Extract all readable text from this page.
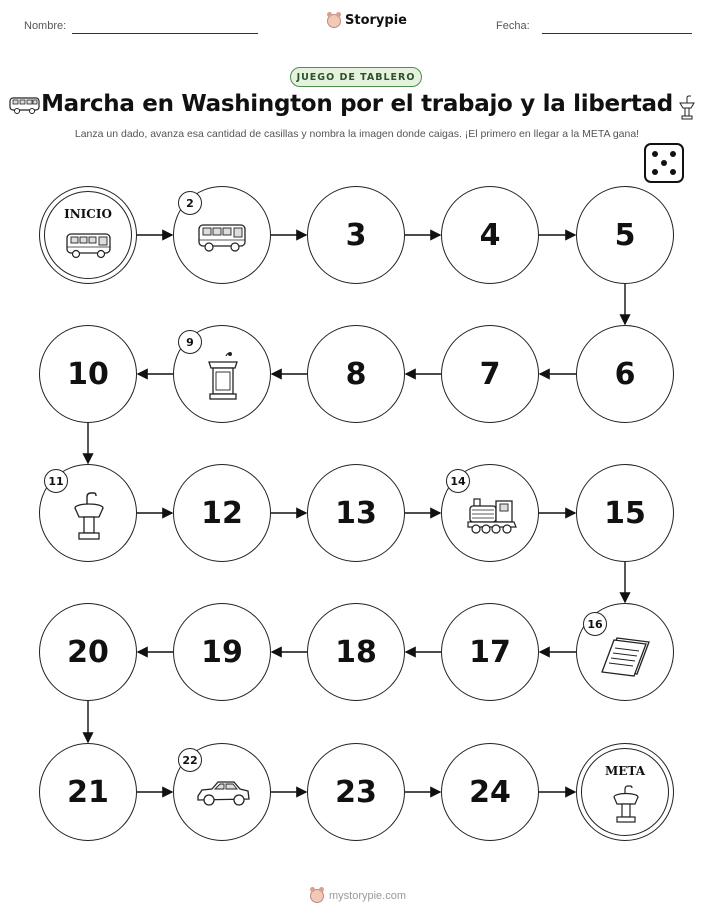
Nombre:	Storypie	Fecha:
JUEGO DE TABLERO
Marcha en Washington por el trabajo y la libertad
Lanza un dado, avanza esa cantidad de casillas y nombra la imagen donde caigas. ¡El primero en llegar a la META gana!
INICIO
2
3	4	5
10
9
8	7	6
11
12	13
14
15
20	19	18	17
16
21
22
23	24
META
mystorypie.com
